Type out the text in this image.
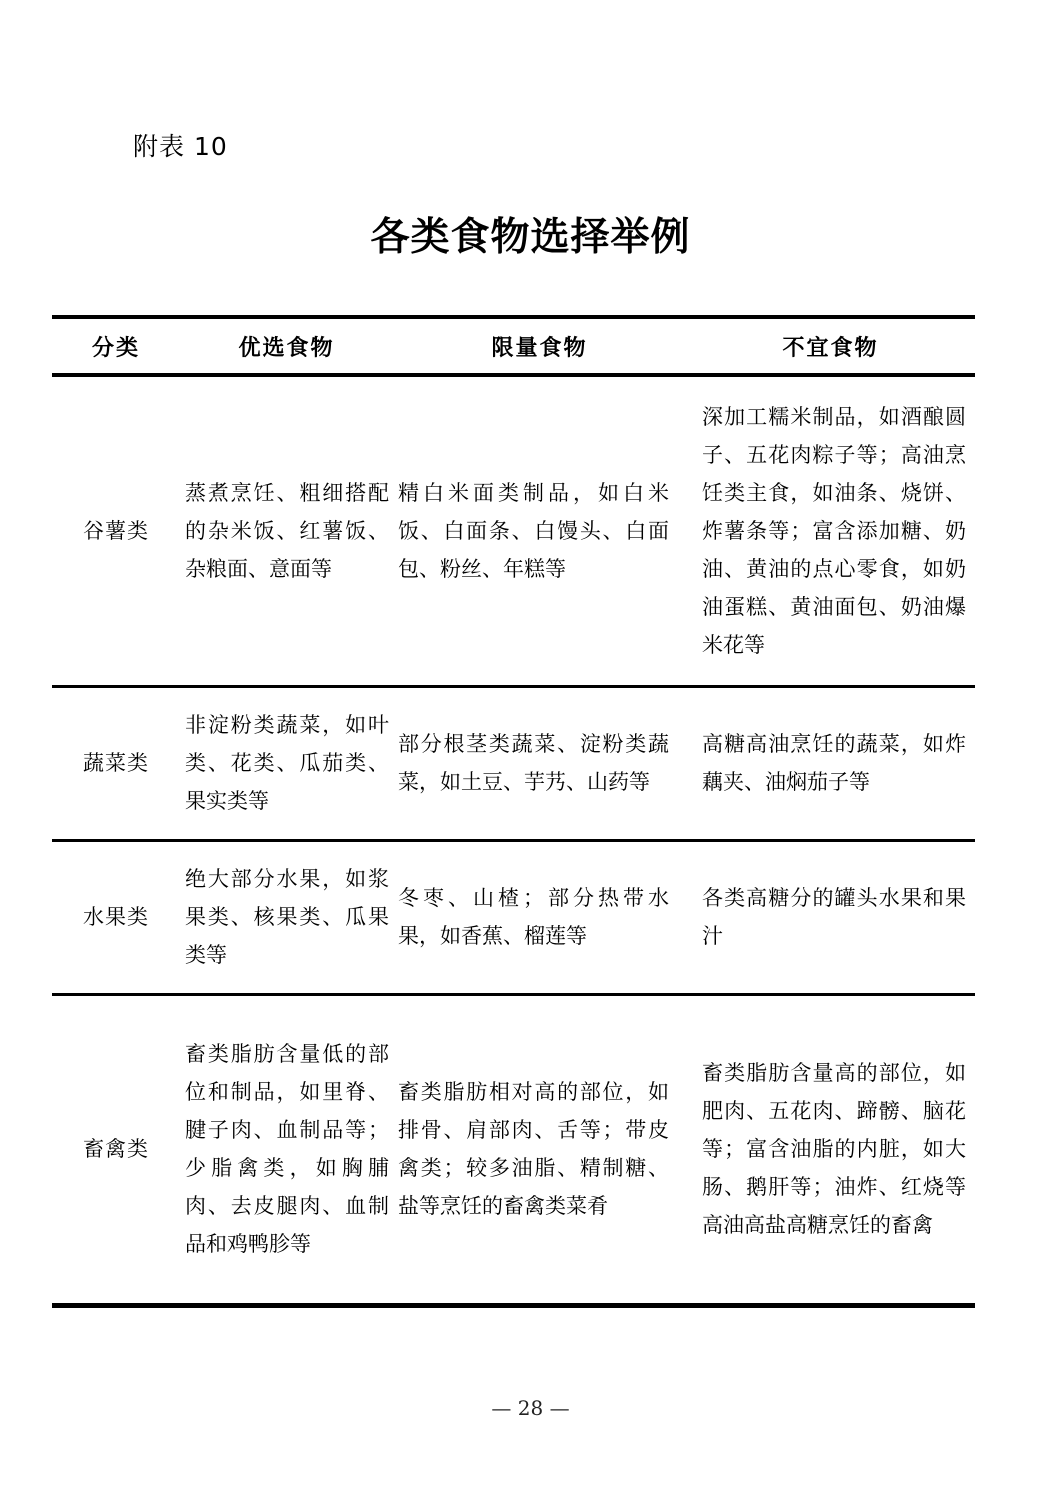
附表 10
各类食物选择举例
分类	优选食物	限量食物	不宜食物
谷薯类	蒸煮烹饪、粗细搭配的杂米饭、红薯饭、杂粮面、意面等	精白米面类制品，如白米饭、白面条、白馒头、白面包、粉丝、年糕等	深加工糯米制品，如酒酿圆子、五花肉粽子等；高油烹饪类主食，如油条、烧饼、炸薯条等；富含添加糖、奶油、黄油的点心零食，如奶油蛋糕、黄油面包、奶油爆米花等
蔬菜类	非淀粉类蔬菜，如叶类、花类、瓜茄类、果实类等	部分根茎类蔬菜、淀粉类蔬菜，如土豆、芋艿、山药等	高糖高油烹饪的蔬菜，如炸藕夹、油焖茄子等
水果类	绝大部分水果，如浆果类、核果类、瓜果类等	冬枣、山楂；部分热带水果，如香蕉、榴莲等	各类高糖分的罐头水果和果汁
畜禽类	畜类脂肪含量低的部位和制品，如里脊、腱子肉、血制品等；少脂禽类，如胸脯肉、去皮腿肉、血制品和鸡鸭胗等	畜类脂肪相对高的部位，如排骨、肩部肉、舌等；带皮禽类；较多油脂、精制糖、盐等烹饪的畜禽类菜肴	畜类脂肪含量高的部位，如肥肉、五花肉、蹄髈、脑花等；富含油脂的内脏，如大肠、鹅肝等；油炸、红烧等高油高盐高糖烹饪的畜禽
— 28 —
